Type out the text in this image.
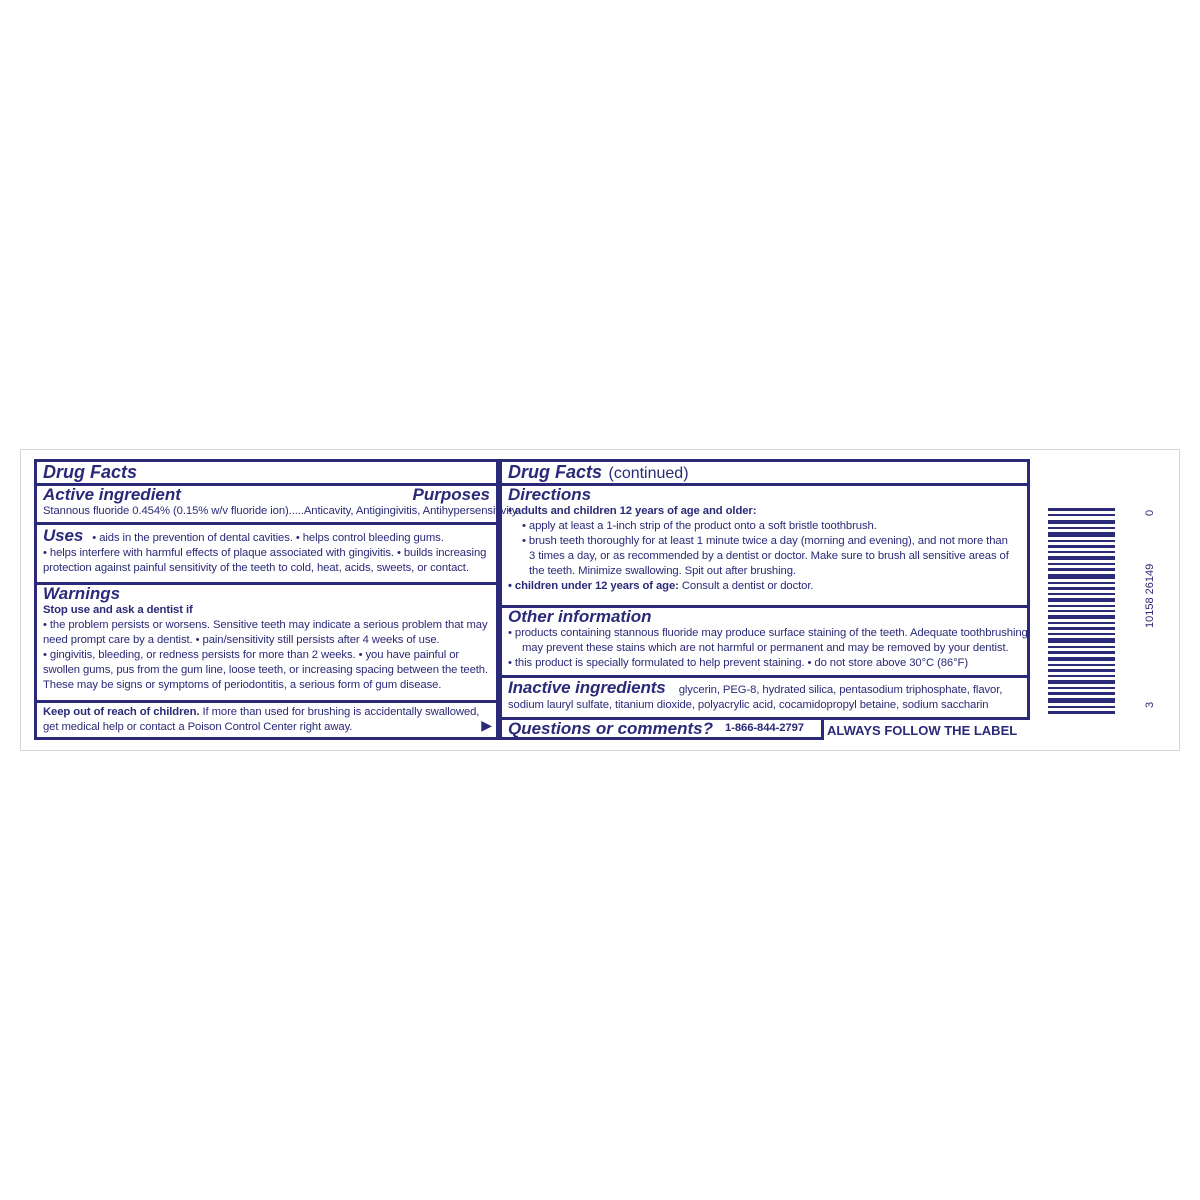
Drug Facts
Active ingredient	Purposes
Stannous fluoride 0.454% (0.15% w/v fluoride ion).....Anticavity, Antigingivitis, Antihypersensitivity
Uses • aids in the prevention of dental cavities. • helps control bleeding gums.
• helps interfere with harmful effects of plaque associated with gingivitis. • builds increasing
protection against painful sensitivity of the teeth to cold, heat, acids, sweets, or contact.
Warnings
Stop use and ask a dentist if
• the problem persists or worsens. Sensitive teeth may indicate a serious problem that may
need prompt care by a dentist. • pain/sensitivity still persists after 4 weeks of use.
• gingivitis, bleeding, or redness persists for more than 2 weeks. • you have painful or
swollen gums, pus from the gum line, loose teeth, or increasing spacing between the teeth.
These may be signs or symptoms of periodontitis, a serious form of gum disease.
Keep out of reach of children. If more than used for brushing is accidentally swallowed,
get medical help or contact a Poison Control Center right away.	▶
Drug Facts (continued)
Directions
• adults and children 12 years of age and older:
• apply at least a 1-inch strip of the product onto a soft bristle toothbrush.
• brush teeth thoroughly for at least 1 minute twice a day (morning and evening), and not more than
3 times a day, or as recommended by a dentist or doctor. Make sure to brush all sensitive areas of
the teeth. Minimize swallowing. Spit out after brushing.
• children under 12 years of age: Consult a dentist or doctor.
Other information
• products containing stannous fluoride may produce surface staining of the teeth. Adequate toothbrushing
may prevent these stains which are not harmful or permanent and may be removed by your dentist.
• this product is specially formulated to help prevent staining. • do not store above 30°C (86°F)
Inactive ingredients glycerin, PEG-8, hydrated silica, pentasodium triphosphate, flavor,
sodium lauryl sulfate, titanium dioxide, polyacrylic acid, cocamidopropyl betaine, sodium saccharin
Questions or comments? 1-866-844-2797 ALWAYS FOLLOW THE LABEL
0
10158 26149
3
